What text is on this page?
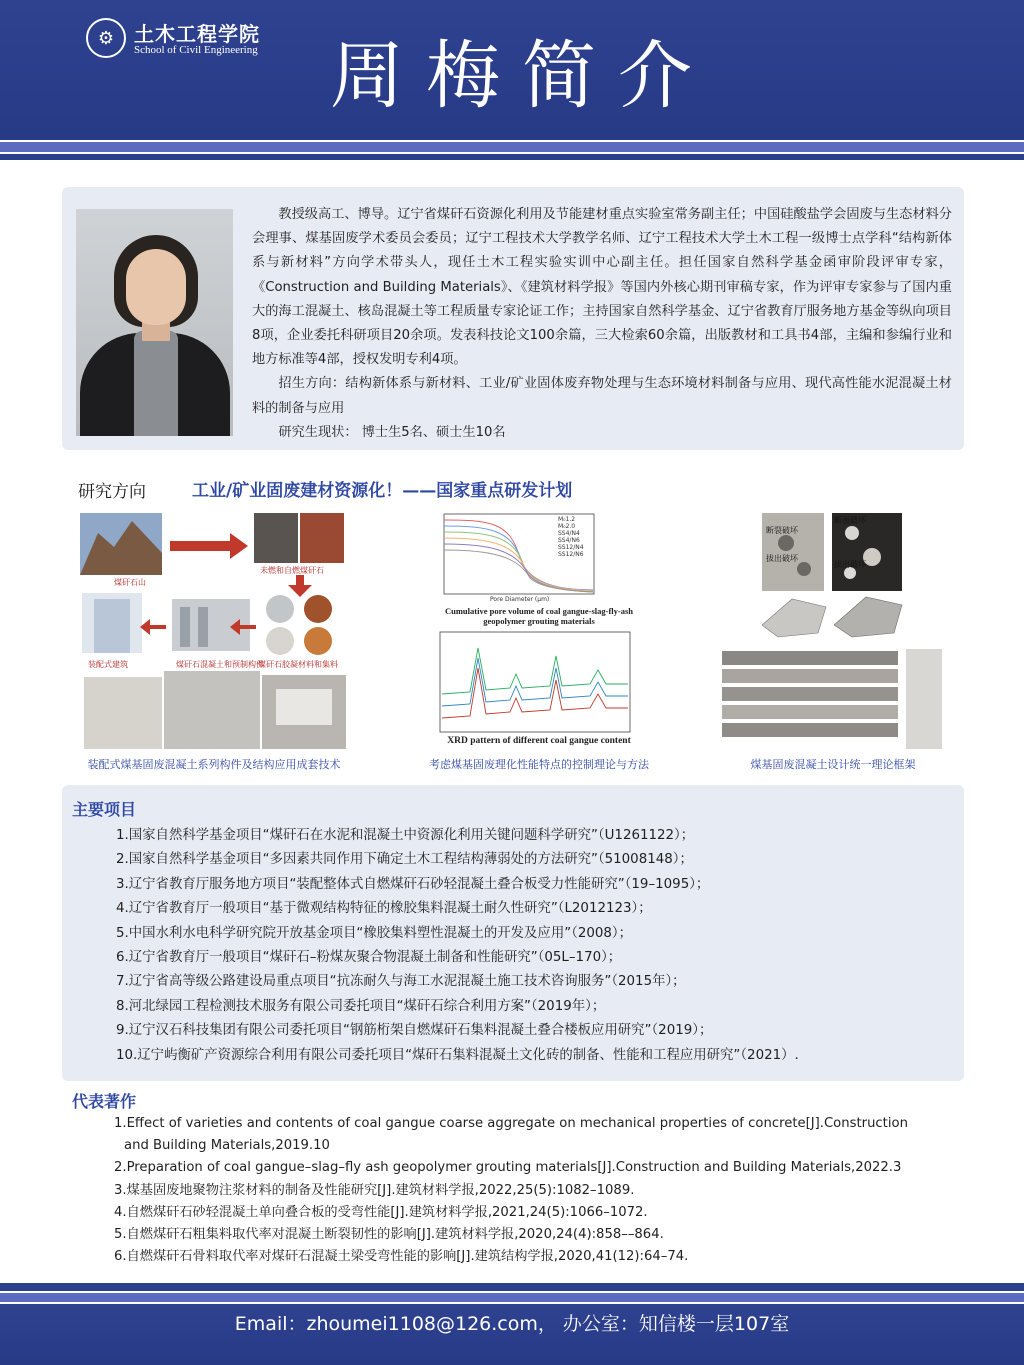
⚙ 土木工程学院
School of Civil Engineering 周梅简介

教授级高工、博导。辽宁省煤矸石资源化利用及节能建材重点实验室常务副主任；中国硅酸盐学会固废与生态材料分会理事、煤基固废学术委员会委员；辽宁工程技术大学教学名师、辽宁工程技术大学土木工程一级博士点学科“结构新体系与新材料”方向学术带头人，现任土木工程实验实训中心副主任。担任国家自然科学基金函审阶段评审专家，《Construction and Building Materials》、《建筑材料学报》等国内外核心期刊审稿专家，作为评审专家参与了国内重大的海工混凝土、核岛混凝土等工程质量专家论证工作；主持国家自然科学基金、辽宁省教育厅服务地方基金等纵向项目8项，企业委托科研项目20余项。发表科技论文100余篇，三大检索60余篇，出版教材和工具书4部，主编和参编行业和地方标准等4部，授权发明专利4项。

招生方向：结构新体系与新材料、工业/矿业固体废弃物处理与生态环境材料制备与应用、现代高性能水泥混凝土材料的制备与应用

研究生现状： 博士生5名、硕士生10名

研究方向	工业/矿业固废建材资源化！——国家重点研发计划
煤矸石山
未燃和自燃煤矸石
装配式建筑	煤矸石混凝土和预制构件
煤矸石胶凝材料和集料
装配式煤基固废混凝土系列构件及结构应用成套技术
M₀1.2
M₀2.0
SS4/N4
SS4/N6
SS12/N4
SS12/N6
Pore Diameter (μm)
Cumulative pore volume of coal gangue-slag-fly-ash geopolymer grouting materials
XRD pattern of different coal gangue content
考虑煤基固废理化性能特点的控制理论与方法
断裂破坏
断面破坏
拔出破坏
拔出破坏
煤基固废混凝土设计统一理论框架
主要项目
1.国家自然科学基金项目“煤矸石在水泥和混凝土中资源化利用关键问题科学研究”（U1261122）；
2.国家自然科学基金项目“多因素共同作用下确定土木工程结构薄弱处的方法研究”（51008148）；
3.辽宁省教育厅服务地方项目“装配整体式自燃煤矸石砂轻混凝土叠合板受力性能研究”（19–1095）；
4.辽宁省教育厅一般项目“基于微观结构特征的橡胶集料混凝土耐久性研究”（L2012123）；
5.中国水利水电科学研究院开放基金项目“橡胶集料塑性混凝土的开发及应用”（2008）；
6.辽宁省教育厅一般项目“煤矸石–粉煤灰聚合物混凝土制备和性能研究”（05L–170）；
7.辽宁省高等级公路建设局重点项目“抗冻耐久与海工水泥混凝土施工技术咨询服务”（2015年）；
8.河北绿园工程检测技术服务有限公司委托项目“煤矸石综合利用方案”（2019年）；
9.辽宁汉石科技集团有限公司委托项目“钢筋桁架自燃煤矸石集料混凝土叠合楼板应用研究”（2019）；
10.辽宁屿衡矿产资源综合利用有限公司委托项目“煤矸石集料混凝土文化砖的制备、性能和工程应用研究”（2021）.
代表著作
1.Effect of varieties and contents of coal gangue coarse aggregate on mechanical properties of concrete[J].Construction and Building Materials,2019.10
2.Preparation of coal gangue–slag–fly ash geopolymer grouting materials[J].Construction and Building Materials,2022.3
3.煤基固废地聚物注浆材料的制备及性能研究[J].建筑材料学报,2022,25(5):1082–1089.
4.自燃煤矸石砂轻混凝土单向叠合板的受弯性能[J].建筑材料学报,2021,24(5):1066–1072.
5.自燃煤矸石粗集料取代率对混凝土断裂韧性的影响[J].建筑材料学报,2020,24(4):858––864.
6.自燃煤矸石骨料取代率对煤矸石混凝土梁受弯性能的影响[J].建筑结构学报,2020,41(12):64–74.
Email：zhoumei1108@126.com， 办公室：知信楼一层107室
